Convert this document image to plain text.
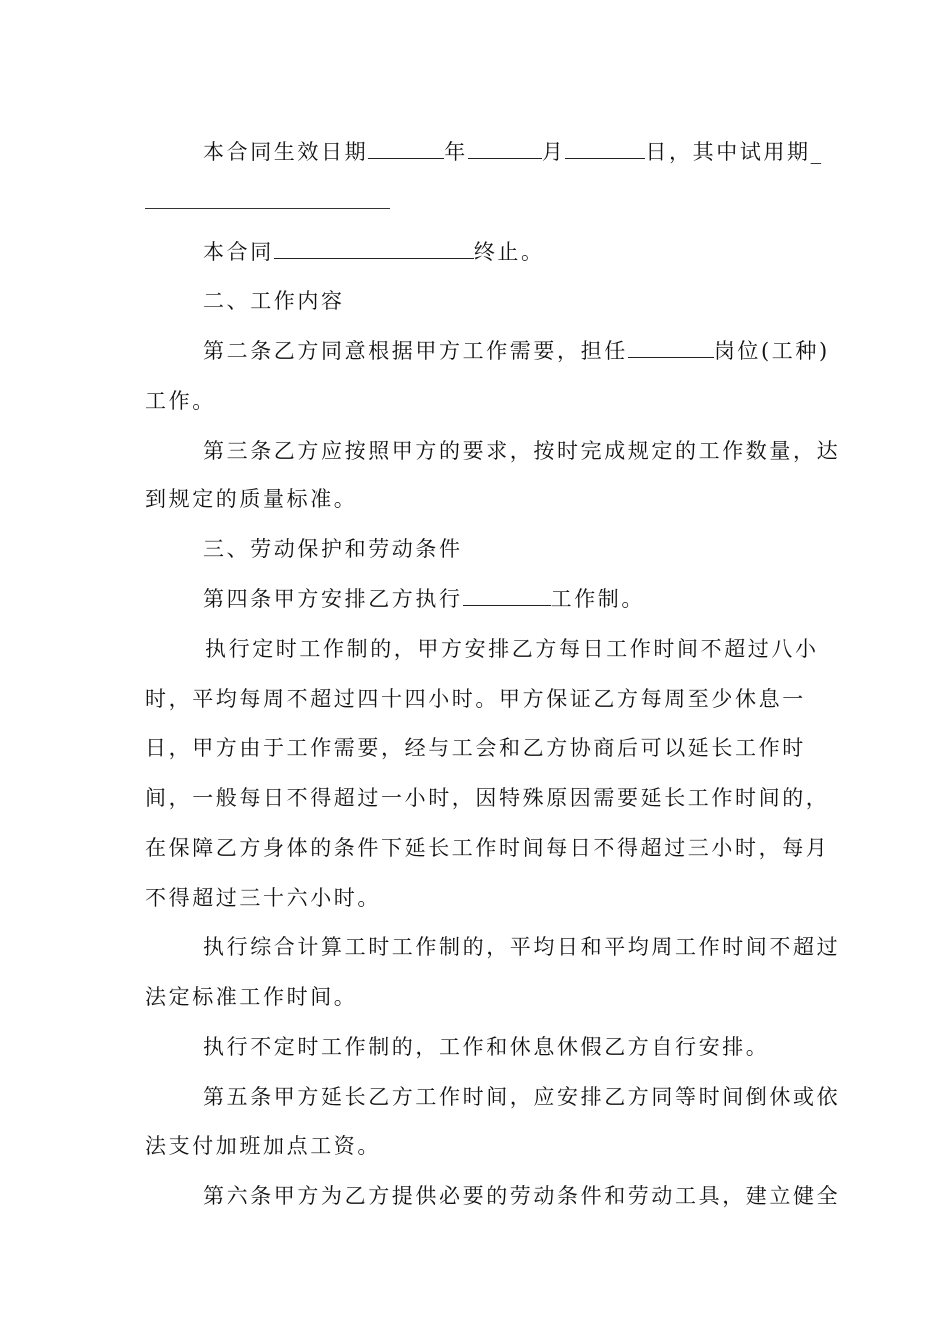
本合同生效日期	年	月	日，其中试用期_
本合同	终止。
二、工作内容
第二条乙方同意根据甲方工作需要，担任	岗位(工种)
工作。
第三条乙方应按照甲方的要求，按时完成规定的工作数量，达
到规定的质量标准。
三、劳动保护和劳动条件
第四条甲方安排乙方执行	工作制。
执行定时工作制的，甲方安排乙方每日工作时间不超过八小
时，平均每周不超过四十四小时。甲方保证乙方每周至少休息一
日，甲方由于工作需要，经与工会和乙方协商后可以延长工作时
间，一般每日不得超过一小时，因特殊原因需要延长工作时间的，
在保障乙方身体的条件下延长工作时间每日不得超过三小时，每月
不得超过三十六小时。
执行综合计算工时工作制的，平均日和平均周工作时间不超过
法定标准工作时间。
执行不定时工作制的，工作和休息休假乙方自行安排。
第五条甲方延长乙方工作时间，应安排乙方同等时间倒休或依
法支付加班加点工资。
第六条甲方为乙方提供必要的劳动条件和劳动工具，建立健全
